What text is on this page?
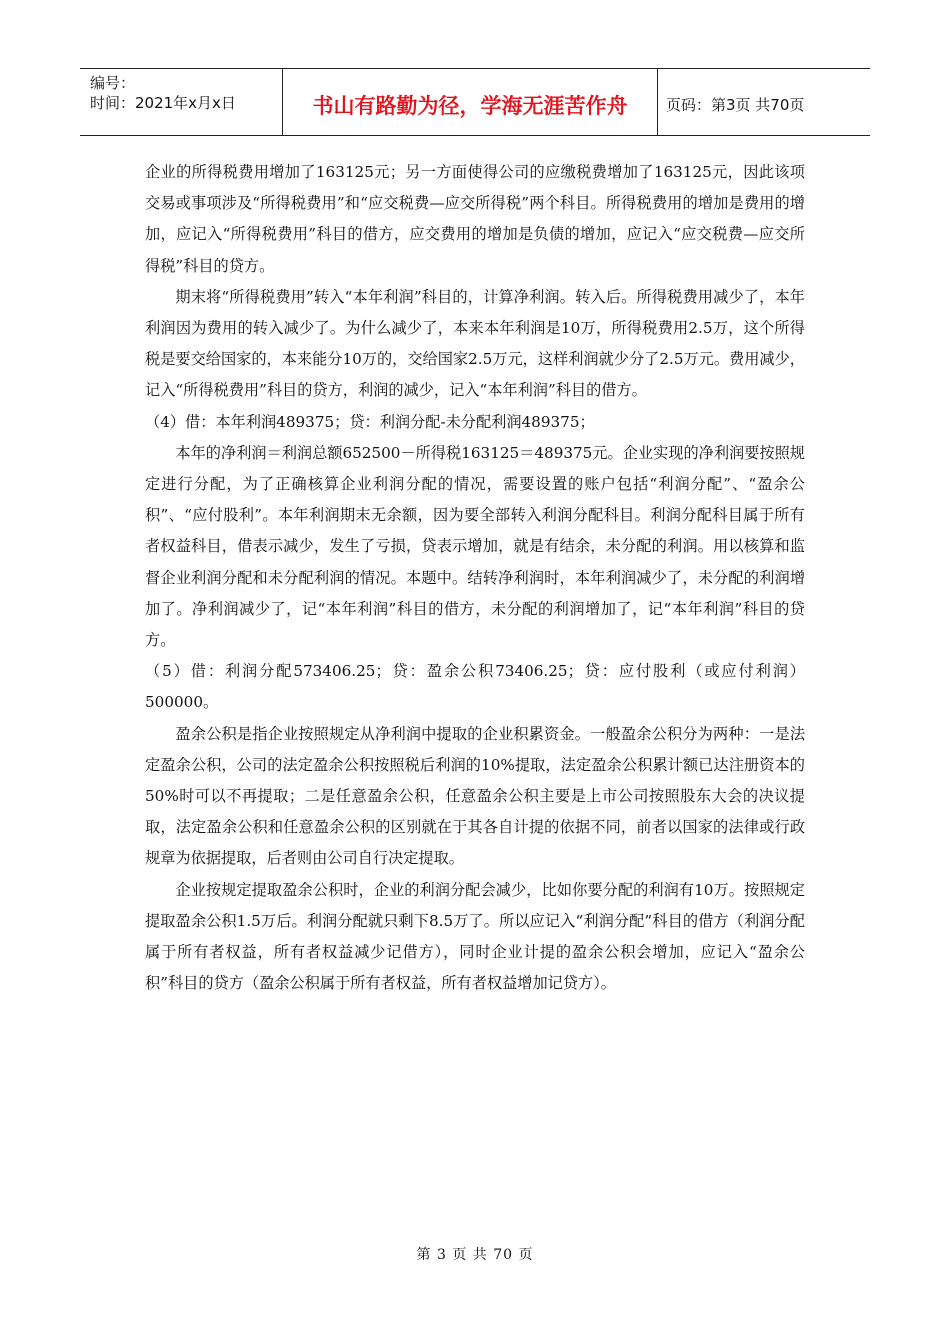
编号：
时间：2021年x月x日	书山有路勤为径，学海无涯苦作舟	页码：第3页 共70页

企业的所得税费用增加了163125元；另一方面使得公司的应缴税费增加了163125元，因此该项交易或事项涉及“所得税费用”和“应交税费—应交所得税”两个科目。所得税费用的增加是费用的增加，应记入“所得税费用”科目的借方，应交费用的增加是负债的增加，应记入“应交税费—应交所得税”科目的贷方。

期末将“所得税费用”转入“本年利润”科目的，计算净利润。转入后。所得税费用减少了，本年利润因为费用的转入减少了。为什么减少了，本来本年利润是10万，所得税费用2.5万，这个所得税是要交给国家的，本来能分10万的，交给国家2.5万元，这样利润就少分了2.5万元。费用减少，记入“所得税费用”科目的贷方，利润的减少，记入“本年利润”科目的借方。

（4）借：本年利润489375；贷：利润分配-未分配利润489375；

本年的净利润＝利润总额652500－所得税163125＝489375元。企业实现的净利润要按照规定进行分配，为了正确核算企业利润分配的情况，需要设置的账户包括“利润分配”、“盈余公积”、“应付股利”。本年利润期末无余额，因为要全部转入利润分配科目。利润分配科目属于所有者权益科目，借表示减少，发生了亏损，贷表示增加，就是有结余，未分配的利润。用以核算和监督企业利润分配和未分配利润的情况。本题中。结转净利润时，本年利润减少了，未分配的利润增加了。净利润减少了，记“本年利润”科目的借方，未分配的利润增加了，记“本年利润”科目的贷方。

（5）借：利润分配573406.25；贷：盈余公积73406.25；贷：应付股利（或应付利润）500000。

盈余公积是指企业按照规定从净利润中提取的企业积累资金。一般盈余公积分为两种：一是法定盈余公积，公司的法定盈余公积按照税后利润的10%提取，法定盈余公积累计额已达注册资本的50%时可以不再提取；二是任意盈余公积，任意盈余公积主要是上市公司按照股东大会的决议提取，法定盈余公积和任意盈余公积的区别就在于其各自计提的依据不同，前者以国家的法律或行政规章为依据提取，后者则由公司自行决定提取。

企业按规定提取盈余公积时，企业的利润分配会减少，比如你要分配的利润有10万。按照规定提取盈余公积1.5万后。利润分配就只剩下8.5万了。所以应记入“利润分配”科目的借方（利润分配属于所有者权益，所有者权益减少记借方），同时企业计提的盈余公积会增加，应记入“盈余公积”科目的贷方（盈余公积属于所有者权益，所有者权益增加记贷方）。

第 3 页 共 70 页
